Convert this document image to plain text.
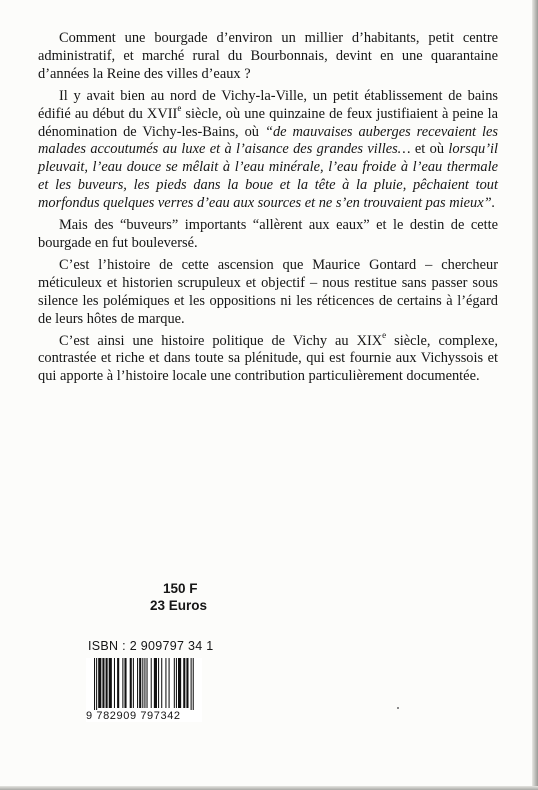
Comment une bourgade d’environ un millier d’habitants, petit centre administratif, et marché rural du Bourbonnais, devint en une quarantaine d’années la Reine des villes d’eaux ?

Il y avait bien au nord de Vichy-la-Ville, un petit établissement de bains édifié au début du XVIIe siècle, où une quinzaine de feux justifiaient à peine la dénomination de Vichy-les-Bains, où “de mauvaises auberges recevaient les malades accoutumés au luxe et à l’aisance des grandes villes… et où lorsqu’il pleuvait, l’eau douce se mêlait à l’eau minérale, l’eau froide à l’eau thermale et les buveurs, les pieds dans la boue et la tête à la pluie, pêchaient tout morfondus quelques verres d’eau aux sources et ne s’en trouvaient pas mieux”.

Mais des “buveurs” importants “allèrent aux eaux” et le destin de cette bourgade en fut bouleversé.

C’est l’histoire de cette ascension que Maurice Gontard – chercheur méticuleux et historien scrupuleux et objectif – nous restitue sans passer sous silence les polémiques et les oppositions ni les réticences de certains à l’égard de leurs hôtes de marque.

C’est ainsi une histoire politique de Vichy au XIXe siècle, complexe, contrastée et riche et dans toute sa plénitude, qui est fournie aux Vichyssois et qui apporte à l’histoire locale une contribution particulièrement documentée.

150 F
23 Euros
ISBN : 2 909797 34 1
9 782909 797342
